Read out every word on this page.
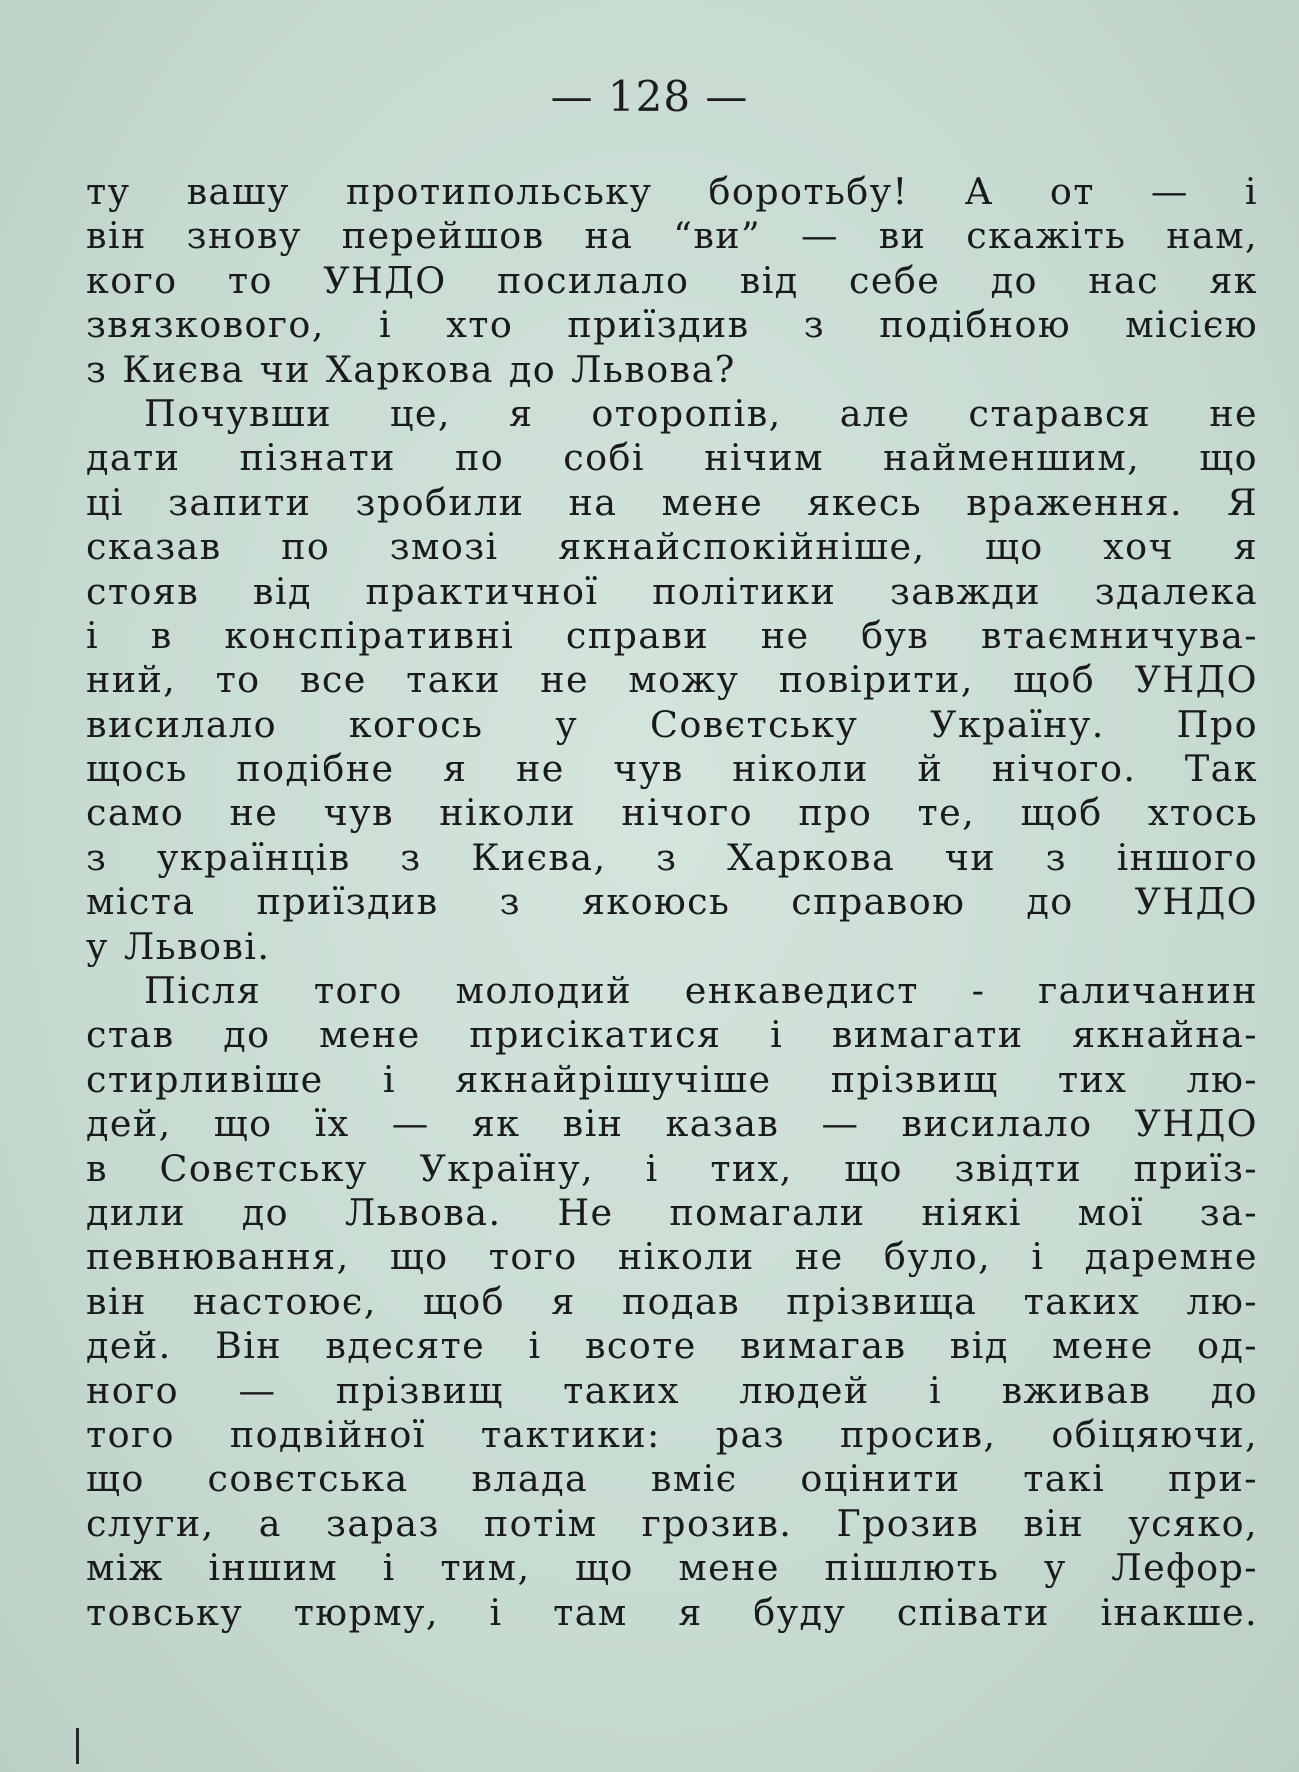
— 128 —
ту вашу протипольську боротьбу! А от — і
він знову перейшов на “ви” — ви скажіть нам,
кого то УНДО посилало від себе до нас як
звязкового, і хто приїздив з подібною місією
з Києва чи Харкова до Львова?
Почувши це, я оторопів, але старався не
дати пізнати по собі нічим найменшим, що
ці запити зробили на мене якесь враження. Я
сказав по змозі якнайспокійніше, що хоч я
стояв від практичної політики завжди здалека
і в конспіративні справи не був втаємничува-
ний, то все таки не можу повірити, щоб УНДО
висилало когось у Совєтську Україну. Про
щось подібне я не чув ніколи й нічого. Так
само не чув ніколи нічого про те, щоб хтось
з українців з Києва, з Харкова чи з іншого
міста приїздив з якоюсь справою до УНДО
у Львові.
Після того молодий енкаведист - галичанин
став до мене присікатися і вимагати якнайна-
стирливіше і якнайрішучіше прізвищ тих лю-
дей, що їх — як він казав — висилало УНДО
в Совєтську Україну, і тих, що звідти приїз-
дили до Львова. Не помагали ніякі мої за-
певнювання, що того ніколи не було, і даремне
він настоює, щоб я подав прізвища таких лю-
дей. Він вдесяте і всоте вимагав від мене од-
ного — прізвищ таких людей і вживав до
того подвійної тактики: раз просив, обіцяючи,
що совєтська влада вміє оцінити такі при-
слуги, а зараз потім грозив. Грозив він усяко,
між іншим і тим, що мене пішлють у Лефор-
товську тюрму, і там я буду співати інакше.
